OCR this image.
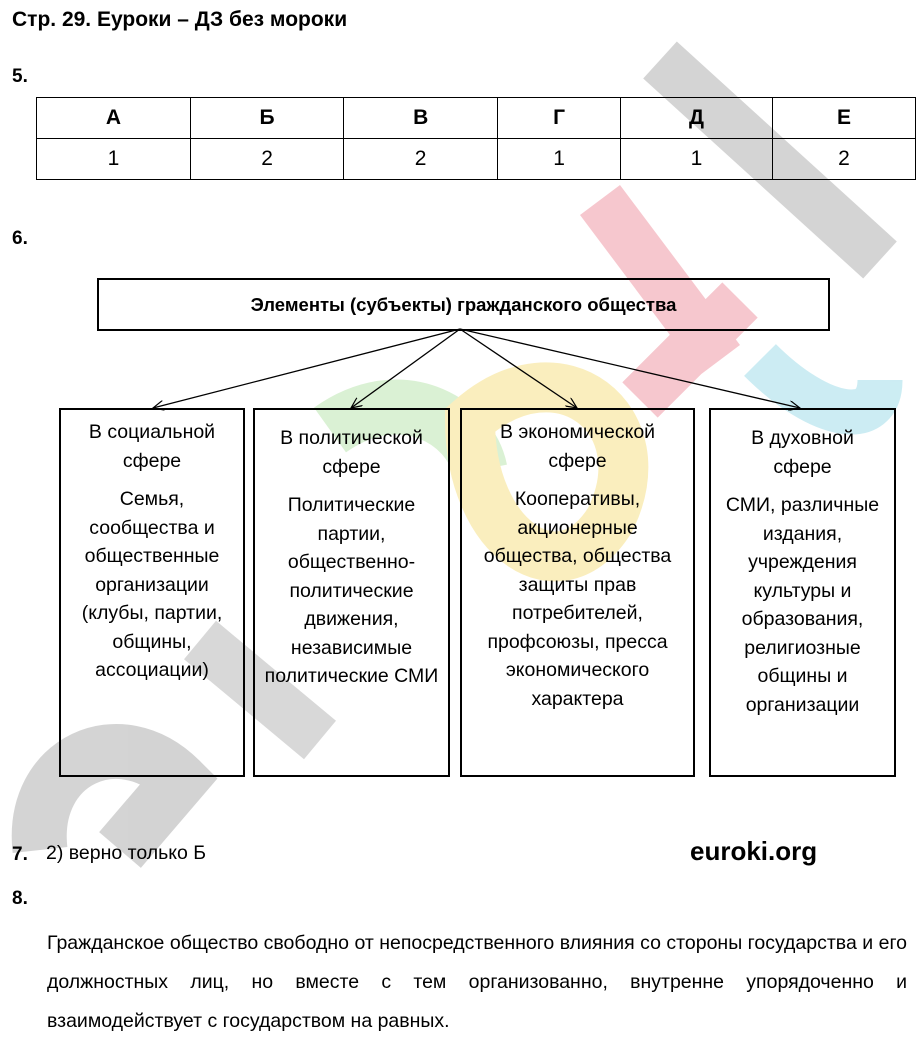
Стр. 29. Еуроки – ДЗ без мороки
5.
А	Б	В	Г	Д	Е
1	2	2	1	1	2
6.
Элементы (субъекты) гражданского общества
В социальной сфере
Семья, сообщества и общественные организации (клубы, партии, общины, ассоциации)
В политической сфере
Политические партии, общественно-политические движения, независимые политические СМИ
В экономической сфере
Кооперативы, акционерные общества, общества защиты прав потребителей, профсоюзы, пресса экономического характера
В духовной сфере
СМИ, различные издания, учреждения культуры и образования, религиозные общины и организации
7. 2) верно только Б	euroki.org
8.
Гражданское общество свободно от непосредственного влияния со стороны государства и его должностных лиц, но вместе с тем организованно, внутренне упорядоченно и взаимодействует с государством на равных.
